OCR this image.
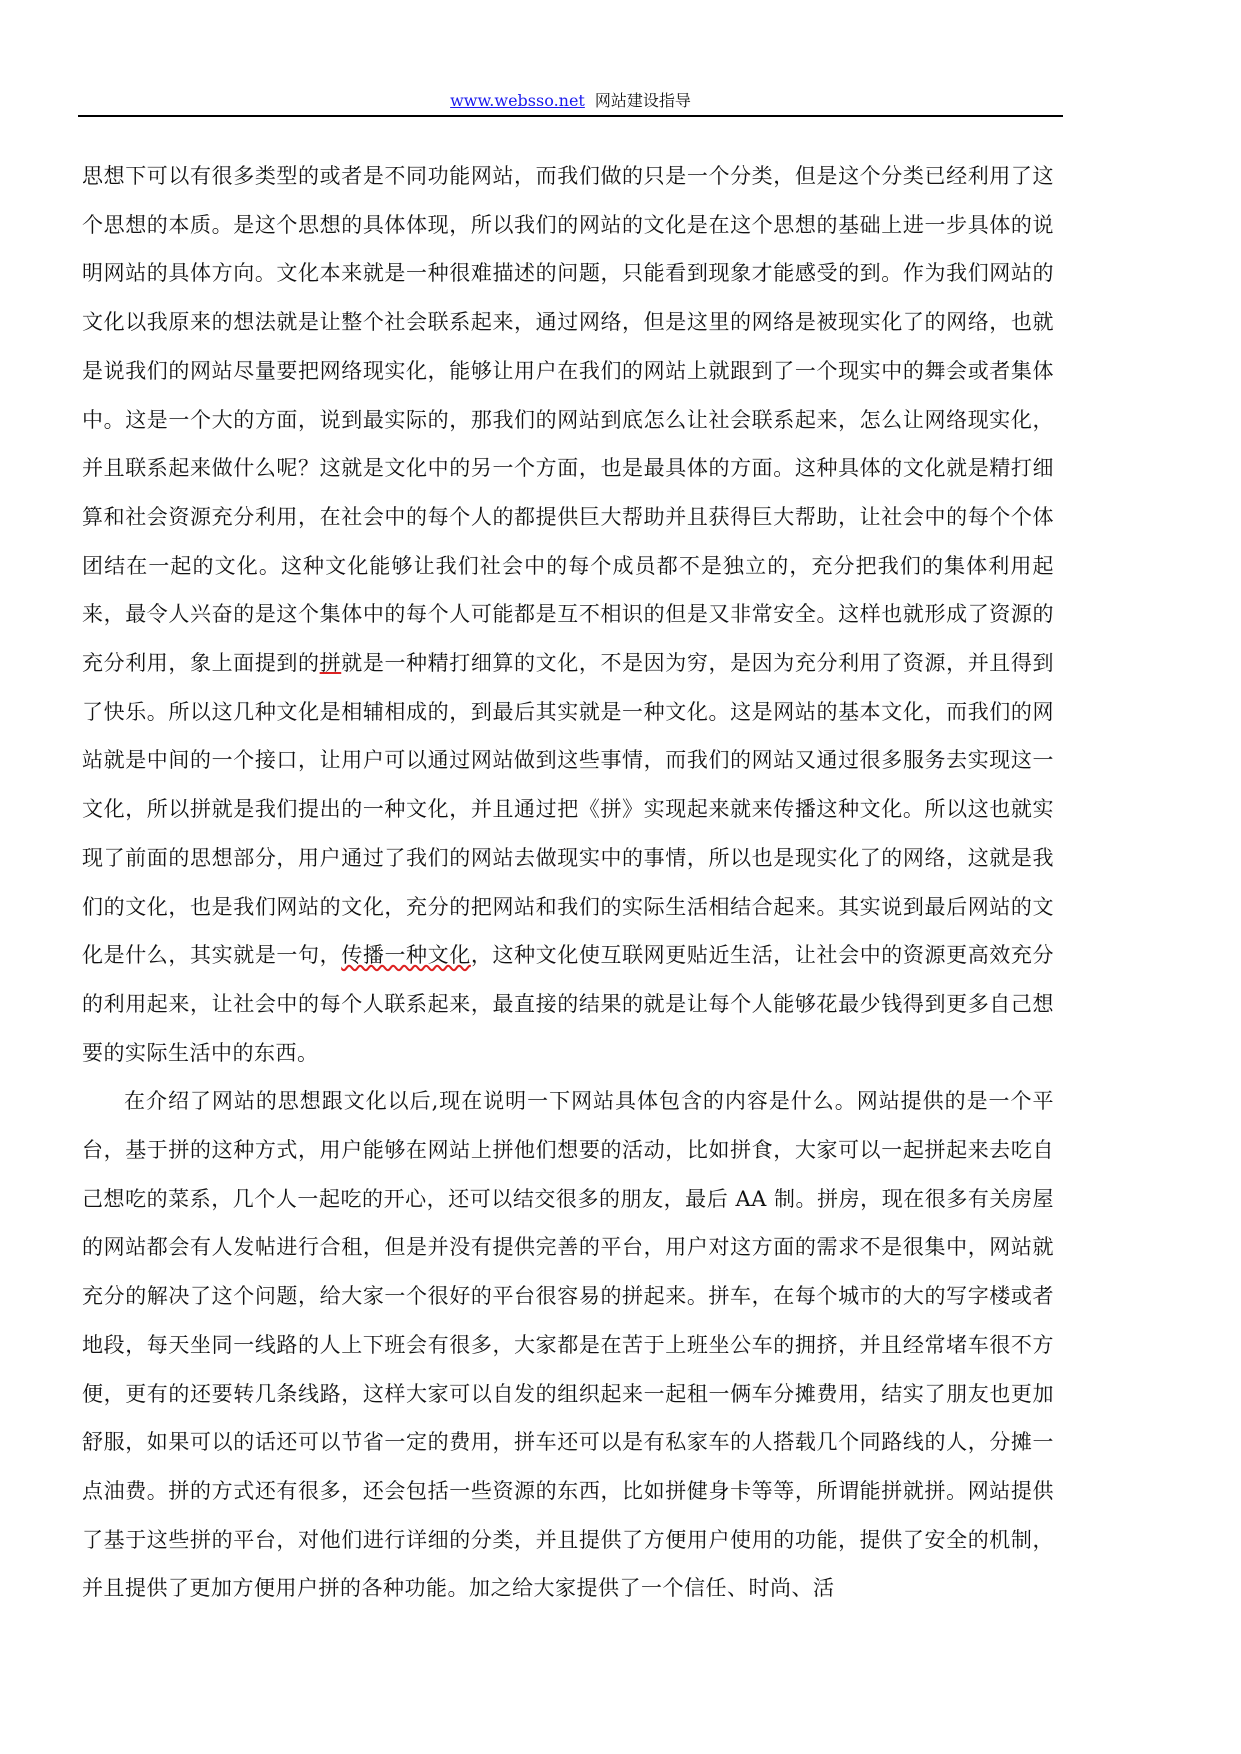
www.websso.net 网站建设指导

思想下可以有很多类型的或者是不同功能网站，而我们做的只是一个分类，但是这个分类已经利用了这个思想的本质。是这个思想的具体体现，所以我们的网站的文化是在这个思想的基础上进一步具体的说明网站的具体方向。文化本来就是一种很难描述的问题，只能看到现象才能感受的到。作为我们网站的文化以我原来的想法就是让整个社会联系起来，通过网络，但是这里的网络是被现实化了的网络，也就是说我们的网站尽量要把网络现实化，能够让用户在我们的网站上就跟到了一个现实中的舞会或者集体中。这是一个大的方面，说到最实际的，那我们的网站到底怎么让社会联系起来，怎么让网络现实化，并且联系起来做什么呢？这就是文化中的另一个方面，也是最具体的方面。这种具体的文化就是精打细算和社会资源充分利用，在社会中的每个人的都提供巨大帮助并且获得巨大帮助，让社会中的每个个体团结在一起的文化。这种文化能够让我们社会中的每个成员都不是独立的，充分把我们的集体利用起来，最令人兴奋的是这个集体中的每个人可能都是互不相识的但是又非常安全。这样也就形成了资源的充分利用，象上面提到的拼就是一种精打细算的文化，不是因为穷，是因为充分利用了资源，并且得到了快乐。所以这几种文化是相辅相成的，到最后其实就是一种文化。这是网站的基本文化，而我们的网站就是中间的一个接口，让用户可以通过网站做到这些事情，而我们的网站又通过很多服务去实现这一文化，所以拼就是我们提出的一种文化，并且通过把《拼》实现起来就来传播这种文化。所以这也就实现了前面的思想部分，用户通过了我们的网站去做现实中的事情，所以也是现实化了的网络，这就是我们的文化，也是我们网站的文化，充分的把网站和我们的实际生活相结合起来。其实说到最后网站的文化是什么，其实就是一句，传播一种文化，这种文化使互联网更贴近生活，让社会中的资源更高效充分的利用起来，让社会中的每个人联系起来，最直接的结果的就是让每个人能够花最少钱得到更多自己想要的实际生活中的东西。

在介绍了网站的思想跟文化以后,现在说明一下网站具体包含的内容是什么。网站提供的是一个平台，基于拼的这种方式，用户能够在网站上拼他们想要的活动，比如拼食，大家可以一起拼起来去吃自己想吃的菜系，几个人一起吃的开心，还可以结交很多的朋友，最后 AA 制。拼房，现在很多有关房屋的网站都会有人发帖进行合租，但是并没有提供完善的平台，用户对这方面的需求不是很集中，网站就充分的解决了这个问题，给大家一个很好的平台很容易的拼起来。拼车，在每个城市的大的写字楼或者地段，每天坐同一线路的人上下班会有很多，大家都是在苦于上班坐公车的拥挤，并且经常堵车很不方便，更有的还要转几条线路，这样大家可以自发的组织起来一起租一俩车分摊费用，结实了朋友也更加舒服，如果可以的话还可以节省一定的费用，拼车还可以是有私家车的人搭载几个同路线的人，分摊一点油费。拼的方式还有很多，还会包括一些资源的东西，比如拼健身卡等等，所谓能拼就拼。网站提供了基于这些拼的平台，对他们进行详细的分类，并且提供了方便用户使用的功能，提供了安全的机制，并且提供了更加方便用户拼的各种功能。加之给大家提供了一个信任、时尚、活
